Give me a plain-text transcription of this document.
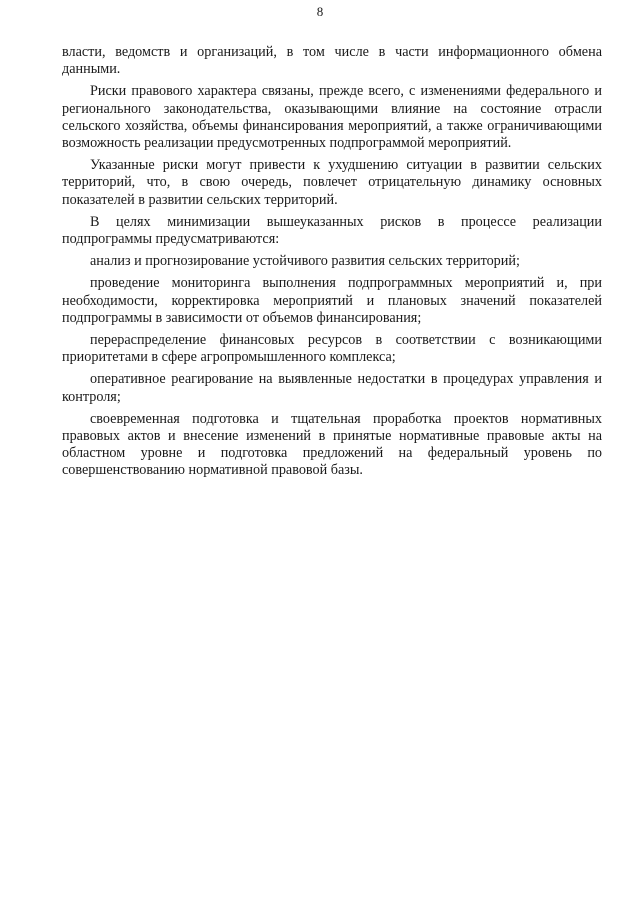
8

власти, ведомств и организаций, в том числе в части информационного обмена данными.

Риски правового характера связаны, прежде всего, с изменениями федерального и регионального законодательства, оказывающими влияние на состояние отрасли сельского хозяйства, объемы финансирования мероприятий, а также ограничивающими возможность реализации предусмотренных подпрограммой мероприятий.

Указанные риски могут привести к ухудшению ситуации в развитии сельских территорий, что, в свою очередь, повлечет отрицательную динамику основных показателей в развитии сельских территорий.

В целях минимизации вышеуказанных рисков в процессе реализации подпрограммы предусматриваются:

анализ и прогнозирование устойчивого развития сельских территорий;

проведение мониторинга выполнения подпрограммных мероприятий и, при необходимости, корректировка мероприятий и плановых значений показателей подпрограммы в зависимости от объемов финансирования;

перераспределение финансовых ресурсов в соответствии с возникающими приоритетами в сфере агропромышленного комплекса;

оперативное реагирование на выявленные недостатки в процедурах управления и контроля;

своевременная подготовка и тщательная проработка проектов нормативных правовых актов и внесение изменений в принятые нормативные правовые акты на областном уровне и подготовка предложений на федеральный уровень по совершенствованию нормативной правовой базы.
